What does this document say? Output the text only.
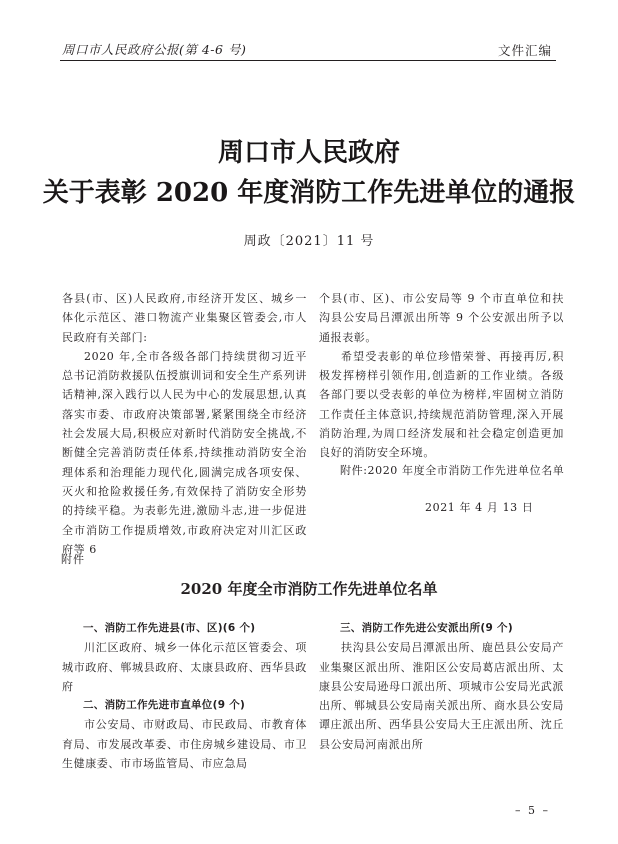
周口市人民政府公报(第 4-6 号)	文件汇编
周口市人民政府
关于表彰 2020 年度消防工作先进单位的通报
周政〔2021〕11 号

各县(市、区)人民政府,市经济开发区、城乡一体化示范区、港口物流产业集聚区管委会,市人民政府有关部门:

2020 年,全市各级各部门持续贯彻习近平总书记消防救援队伍授旗训词和安全生产系列讲话精神,深入践行以人民为中心的发展思想,认真落实市委、市政府决策部署,紧紧围绕全市经济社会发展大局,积极应对新时代消防安全挑战,不断健全完善消防责任体系,持续推动消防安全治理体系和治理能力现代化,圆满完成各项安保、灭火和抢险救援任务,有效保持了消防安全形势的持续平稳。为表彰先进,激励斗志,进一步促进全市消防工作提质增效,市政府决定对川汇区政府等 6

个县(市、区)、市公安局等 9 个市直单位和扶沟县公安局吕潭派出所等 9 个公安派出所予以通报表彰。

希望受表彰的单位珍惜荣誉、再接再厉,积极发挥榜样引领作用,创造新的工作业绩。各级各部门要以受表彰的单位为榜样,牢固树立消防工作责任主体意识,持续规范消防管理,深入开展消防治理,为周口经济发展和社会稳定创造更加良好的消防安全环境。

附件:2020 年度全市消防工作先进单位名单
2021 年 4 月 13 日
附件
2020 年度全市消防工作先进单位名单

一、消防工作先进县(市、区)(6 个)

川汇区政府、城乡一体化示范区管委会、项城市政府、郸城县政府、太康县政府、西华县政府

二、消防工作先进市直单位(9 个)

市公安局、市财政局、市民政局、市教育体育局、市发展改革委、市住房城乡建设局、市卫生健康委、市市场监管局、市应急局

三、消防工作先进公安派出所(9 个)

扶沟县公安局吕潭派出所、鹿邑县公安局产业集聚区派出所、淮阳区公安局葛店派出所、太康县公安局逊母口派出所、项城市公安局光武派出所、郸城县公安局南关派出所、商水县公安局谭庄派出所、西华县公安局大王庄派出所、沈丘县公安局河南派出所

– 5 –
